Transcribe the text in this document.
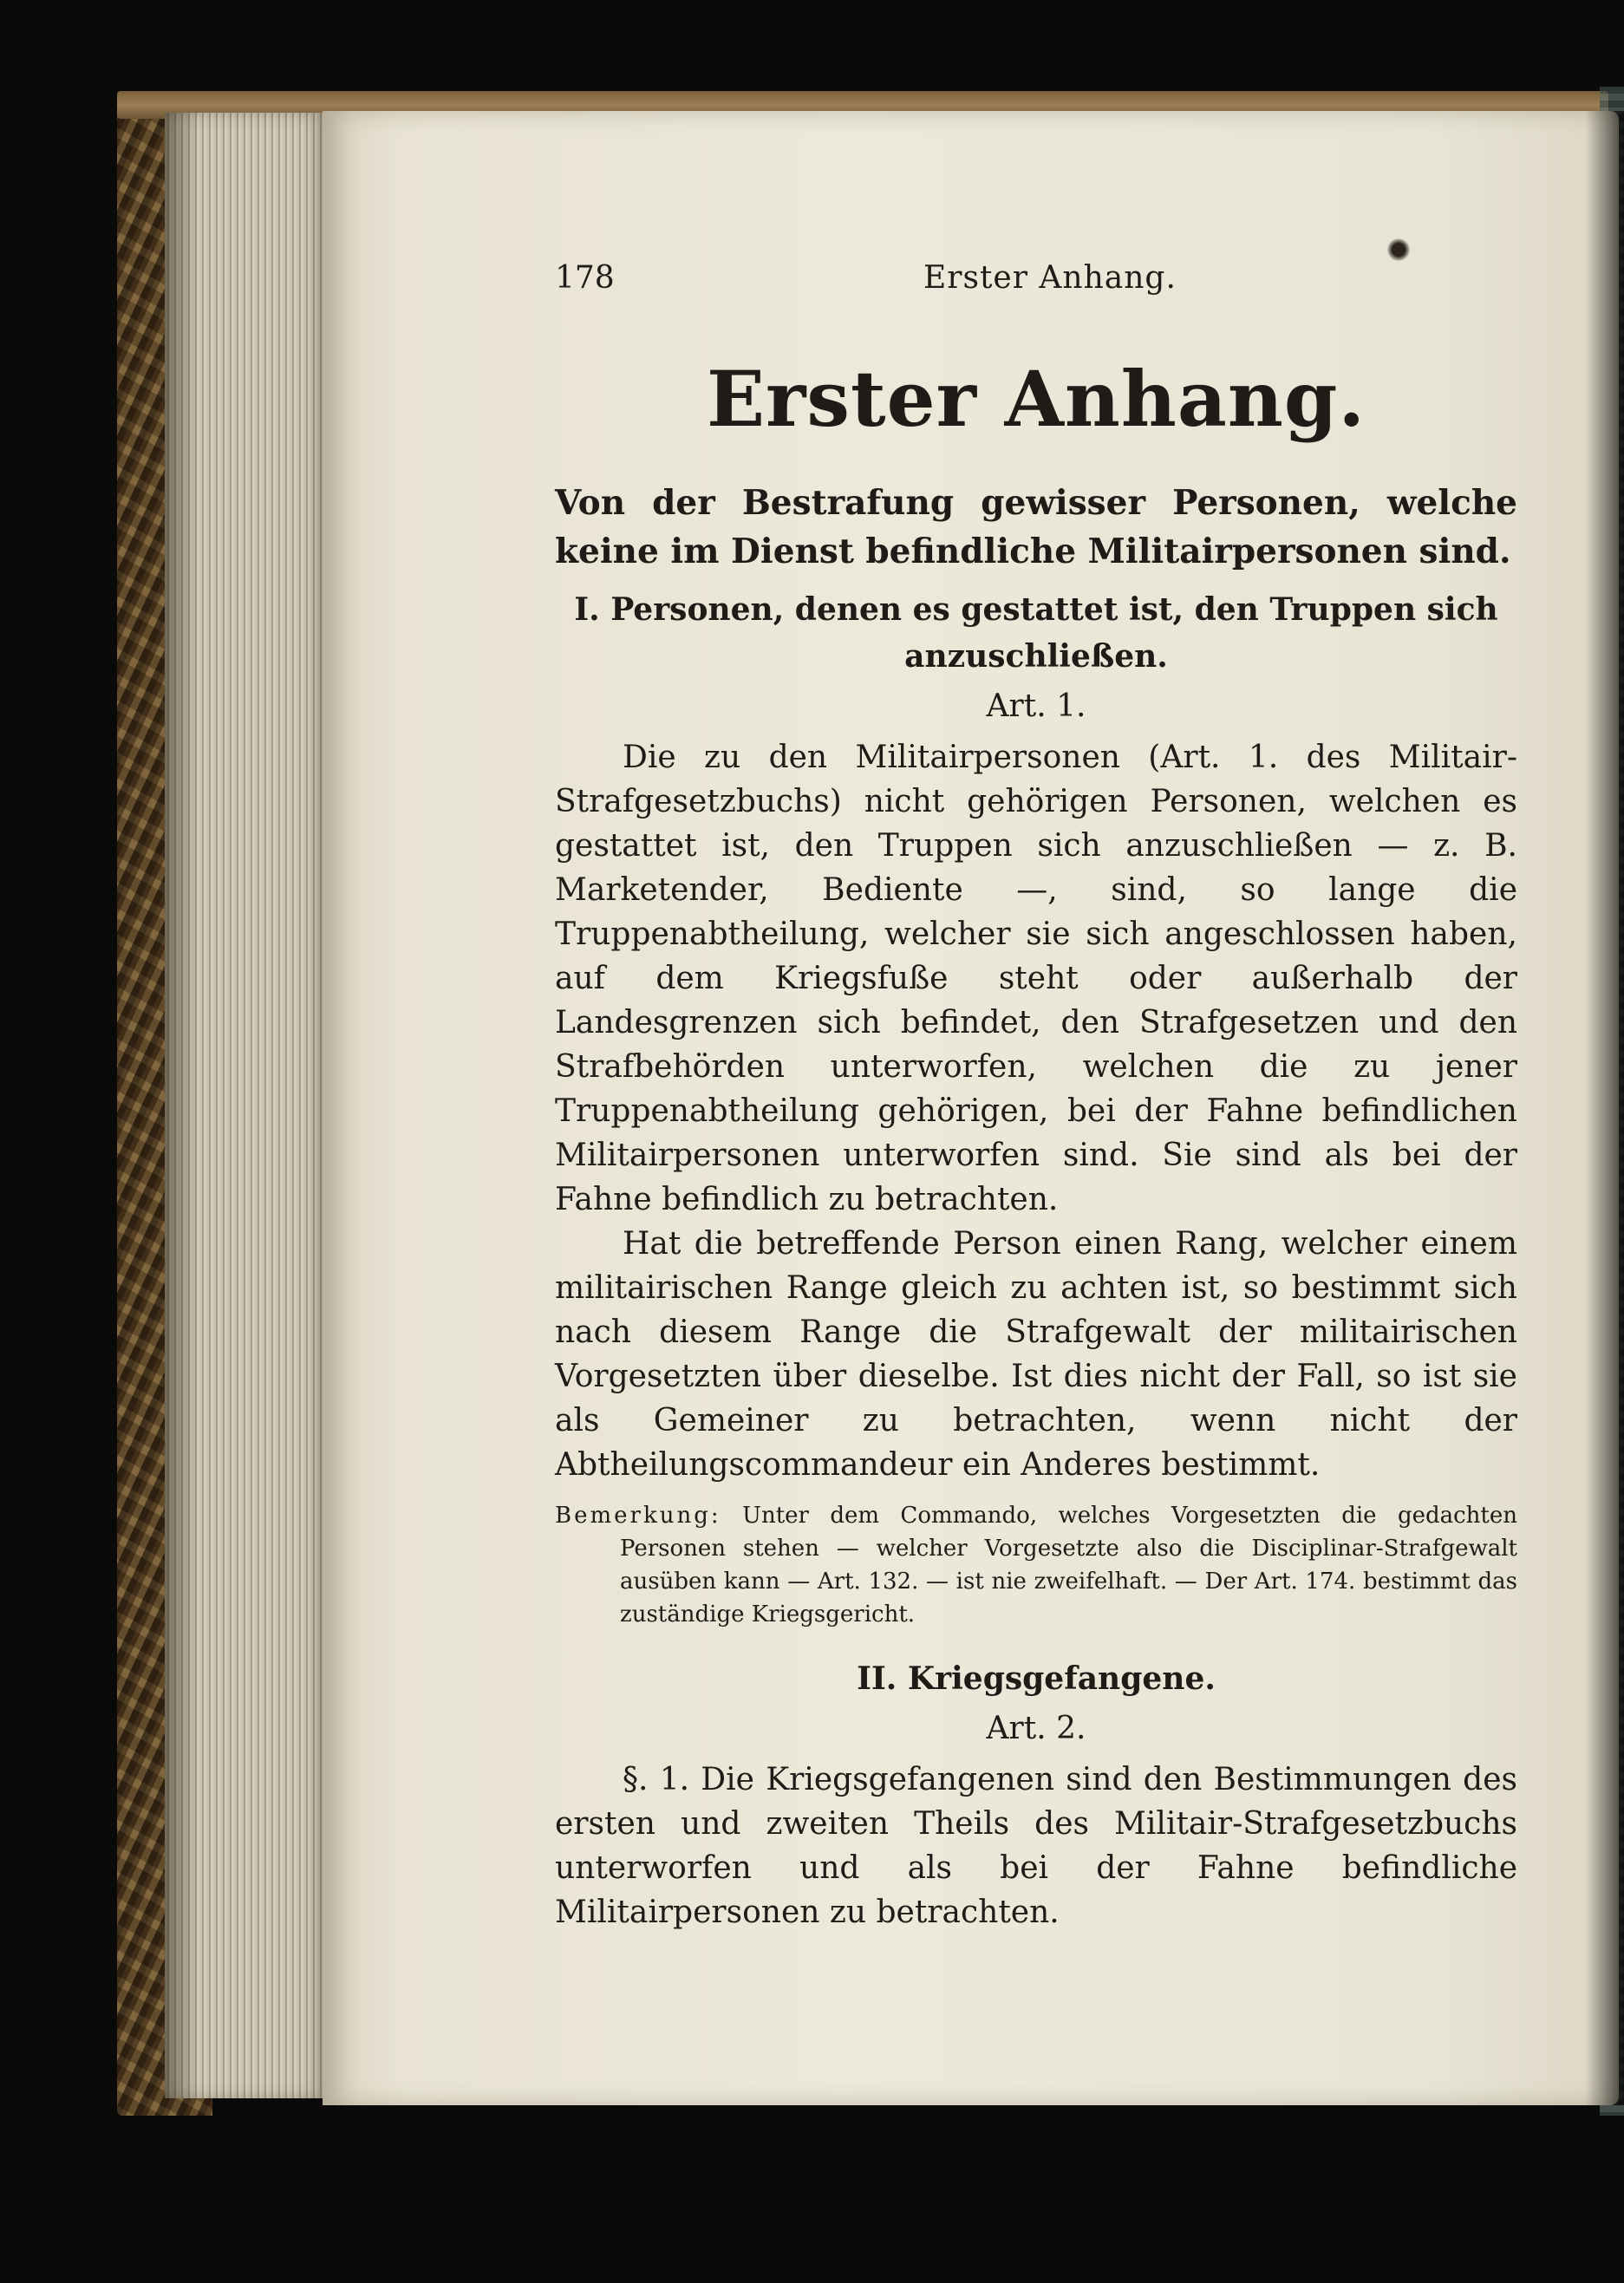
178	Erster Anhang.
Erster Anhang.
Von der Bestrafung gewisser Personen, welche keine im Dienst befindliche Militairpersonen sind.
I. Personen, denen es gestattet ist, den Truppen sich anzuschließen.
Art. 1.

Die zu den Militairpersonen (Art. 1. des Militair-Strafgesetzbuchs) nicht gehörigen Personen, welchen es gestattet ist, den Truppen sich anzuschließen — z. B. Marketender, Bediente —, sind, so lange die Truppenabtheilung, welcher sie sich angeschlossen haben, auf dem Kriegsfuße steht oder außerhalb der Landesgrenzen sich befindet, den Strafgesetzen und den Strafbehörden unterworfen, welchen die zu jener Truppenabtheilung gehörigen, bei der Fahne befindlichen Militairpersonen unterworfen sind. Sie sind als bei der Fahne befindlich zu betrachten.

Hat die betreffende Person einen Rang, welcher einem militairischen Range gleich zu achten ist, so bestimmt sich nach diesem Range die Strafgewalt der militairischen Vorgesetzten über dieselbe. Ist dies nicht der Fall, so ist sie als Gemeiner zu betrachten, wenn nicht der Abtheilungscommandeur ein Anderes bestimmt.

Bemerkung: Unter dem Commando, welches Vorgesetzten die gedachten Personen stehen — welcher Vorgesetzte also die Disciplinar-Strafgewalt ausüben kann — Art. 132. — ist nie zweifelhaft. — Der Art. 174. bestimmt das zuständige Kriegsgericht.
II. Kriegsgefangene.
Art. 2.

§. 1. Die Kriegsgefangenen sind den Bestimmungen des ersten und zweiten Theils des Militair-Strafgesetzbuchs unterworfen und als bei der Fahne befindliche Militairpersonen zu betrachten.
